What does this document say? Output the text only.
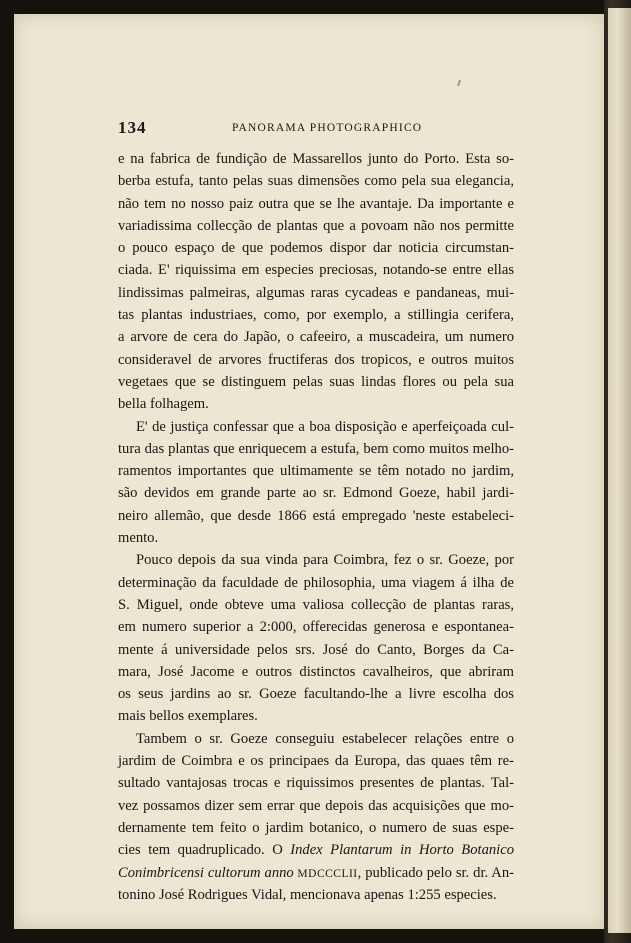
134	PANORAMA PHOTOGRAPHICO
e na fabrica de fundição de Massarellos junto do Porto. Esta so-
berba estufa, tanto pelas suas dimensões como pela sua elegancia,
não tem no nosso paiz outra que se lhe avantaje. Da importante e
variadissima collecção de plantas que a povoam não nos permitte
o pouco espaço de que podemos dispor dar noticia circumstan-
ciada. E' riquissima em especies preciosas, notando-se entre ellas
lindissimas palmeiras, algumas raras cycadeas e pandaneas, mui-
tas plantas industriaes, como, por exemplo, a stillingia cerifera,
a arvore de cera do Japão, o cafeeiro, a muscadeira, um numero
consideravel de arvores fructiferas dos tropicos, e outros muitos
vegetaes que se distinguem pelas suas lindas flores ou pela sua
bella folhagem.
E' de justiça confessar que a boa disposição e aperfeiçoada cul-
tura das plantas que enriquecem a estufa, bem como muitos melho-
ramentos importantes que ultimamente se têm notado no jardim,
são devidos em grande parte ao sr. Edmond Goeze, habil jardi-
neiro allemão, que desde 1866 está empregado 'neste estabeleci-
mento.
Pouco depois da sua vinda para Coimbra, fez o sr. Goeze, por
determinação da faculdade de philosophia, uma viagem á ilha de
S. Miguel, onde obteve uma valiosa collecção de plantas raras,
em numero superior a 2:000, offerecidas generosa e espontanea-
mente á universidade pelos srs. José do Canto, Borges da Ca-
mara, José Jacome e outros distinctos cavalheiros, que abriram
os seus jardins ao sr. Goeze facultando-lhe a livre escolha dos
mais bellos exemplares.
Tambem o sr. Goeze conseguiu estabelecer relações entre o
jardim de Coimbra e os principaes da Europa, das quaes têm re-
sultado vantajosas trocas e riquissimos presentes de plantas. Tal-
vez possamos dizer sem errar que depois das acquisições que mo-
dernamente tem feito o jardim botanico, o numero de suas espe-
cies tem quadruplicado. O Index Plantarum in Horto Botanico
Conimbricensi cultorum anno MDCCCLII, publicado pelo sr. dr. An-
tonino José Rodrigues Vidal, mencionava apenas 1:255 especies.
